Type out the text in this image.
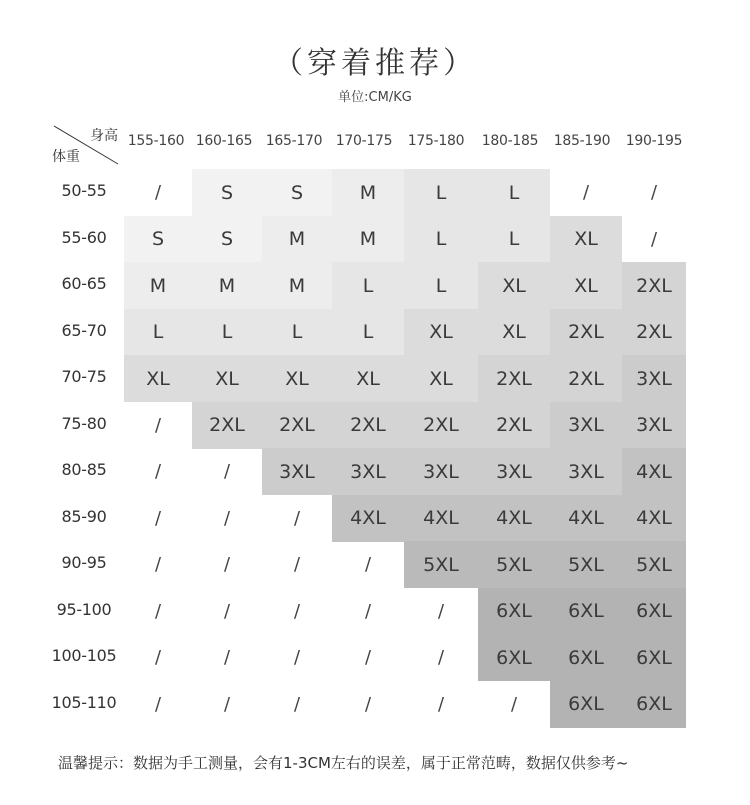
（穿着推荐）
单位:CM/KG
身高
体重
155-160 160-165 165-170 170-175	175-180	180-185	185-190	190-195
50-55	/	S	S	M	L	L	/	/
55-60	S	S	M	M	L	L	XL	/
60-65	M	M	M	L	L	XL	XL	2XL
65-70	L	L	L	L	XL	XL	2XL	2XL
70-75	XL	XL	XL	XL	XL	2XL	2XL	3XL
75-80	/	2XL	2XL	2XL	2XL	2XL	3XL	3XL
80-85	/	/	3XL	3XL	3XL	3XL	3XL	4XL
85-90	/	/	/	4XL	4XL	4XL	4XL	4XL
90-95	/	/	/	/	5XL	5XL	5XL	5XL
95-100	/	/	/	/	/	6XL	6XL	6XL
100-105	/	/	/	/	/	6XL	6XL	6XL
105-110	/	/	/	/	/	/	6XL	6XL
温馨提示：数据为手工测量，会有1-3CM左右的误差，属于正常范畴，数据仅供参考~
